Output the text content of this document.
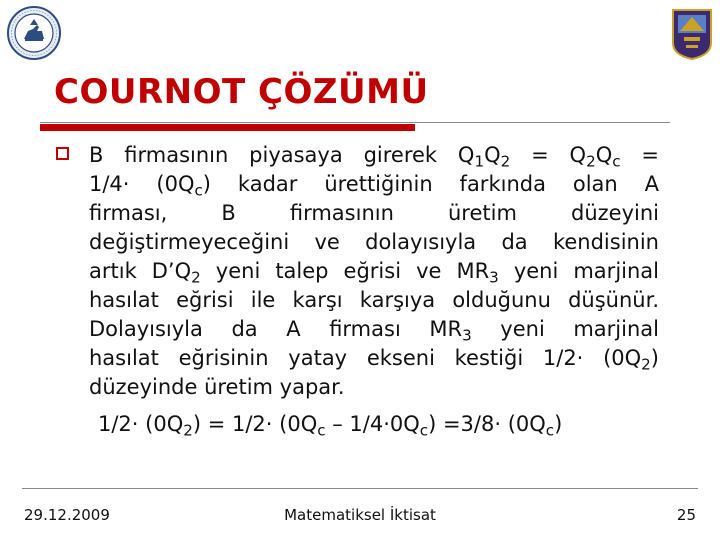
COURNOT ÇÖZÜMÜ
B firmasının piyasaya girerek $Q_1Q_2 = Q_2Q_c$ =
$1/4\cdot (0Q_c)$ kadar ürettiğinin farkında olan A
firması, B firmasının üretim düzeyini
değiştirmeyeceğini ve dolayısıyla da kendisinin
artık $D’Q_2$ yeni talep eğrisi ve $MR_3$ yeni marjinal
hasılat eğrisi ile karşı karşıya olduğunu düşünür.
Dolayısıyla da A firması $MR_3$ yeni marjinal
hasılat eğrisinin yatay ekseni kestiği $1/2\cdot (0Q_2)$
düzeyinde üretim yapar.
$1/2\cdot (0Q_2) = 1/2\cdot (0Q_c - 1/4\cdot 0Q_c) =3/8\cdot (0Q_c)$
29.12.2009	Matematiksel İktisat	25
